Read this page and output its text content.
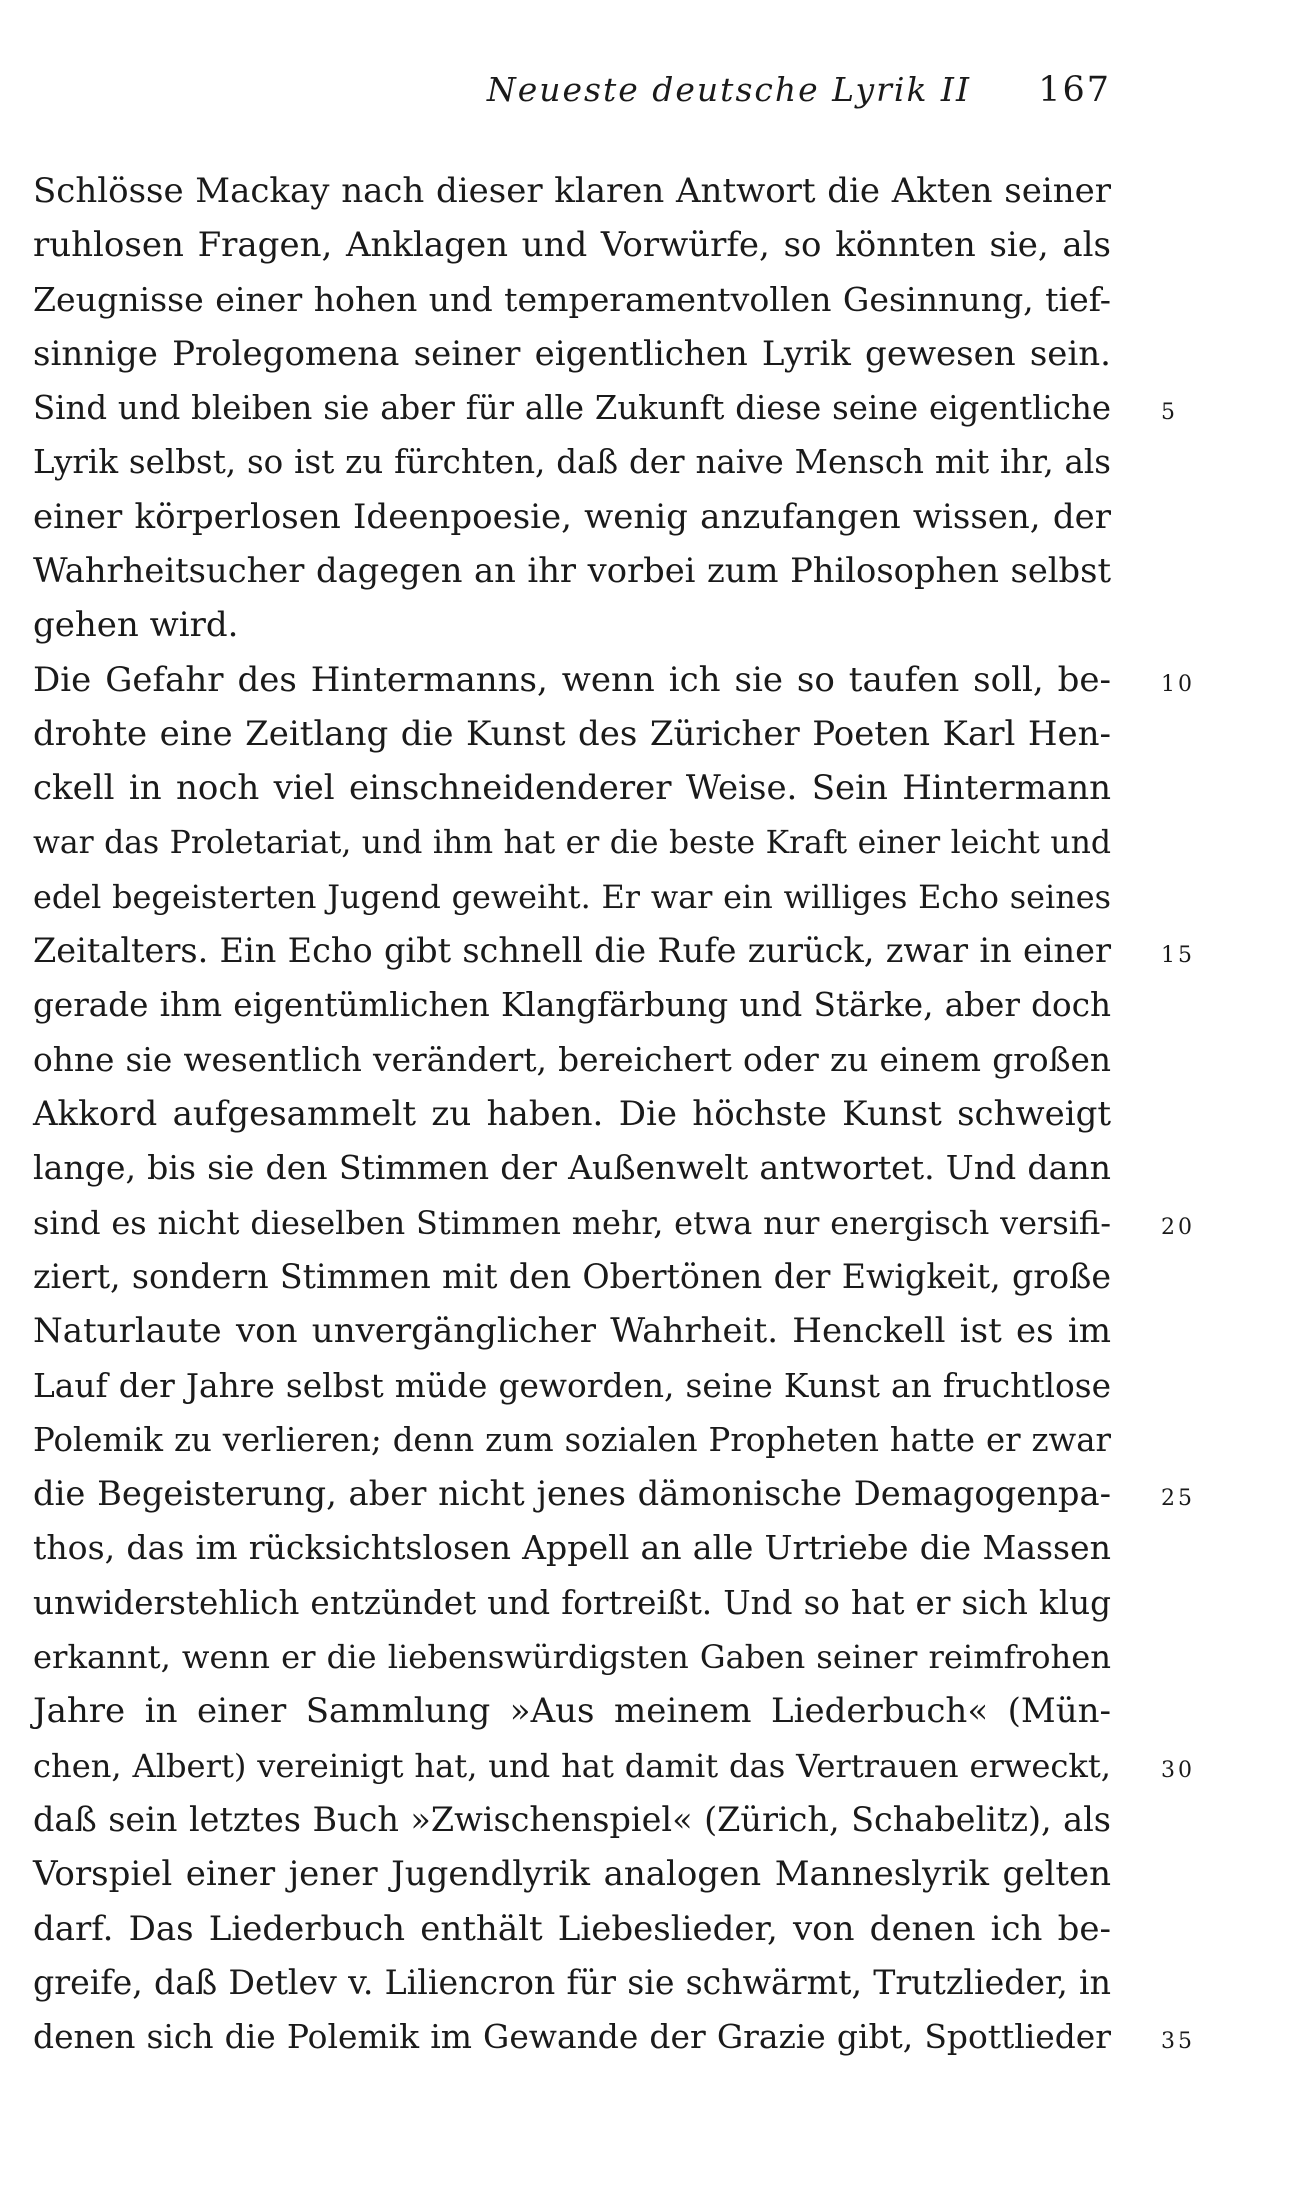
Neueste deutsche Lyrik II 167
Schlösse Mackay nach dieser klaren Antwort die Akten seiner
ruhlosen Fragen, Anklagen und Vorwürfe, so könnten sie, als
Zeugnisse einer hohen und temperamentvollen Gesinnung, tief-
sinnige Prolegomena seiner eigentlichen Lyrik gewesen sein.
Sind und bleiben sie aber für alle Zukunft diese seine eigentliche 5
Lyrik selbst, so ist zu fürchten, daß der naive Mensch mit ihr, als
einer körperlosen Ideenpoesie, wenig anzufangen wissen, der
Wahrheitsucher dagegen an ihr vorbei zum Philosophen selbst
gehen wird.
Die Gefahr des Hintermanns, wenn ich sie so taufen soll, be- 10
drohte eine Zeitlang die Kunst des Züricher Poeten Karl Hen-
ckell in noch viel einschneidenderer Weise. Sein Hintermann
war das Proletariat, und ihm hat er die beste Kraft einer leicht und
edel begeisterten Jugend geweiht. Er war ein williges Echo seines
Zeitalters. Ein Echo gibt schnell die Rufe zurück, zwar in einer 15
gerade ihm eigentümlichen Klangfärbung und Stärke, aber doch
ohne sie wesentlich verändert, bereichert oder zu einem großen
Akkord aufgesammelt zu haben. Die höchste Kunst schweigt
lange, bis sie den Stimmen der Außenwelt antwortet. Und dann
sind es nicht dieselben Stimmen mehr, etwa nur energisch versifi- 20
ziert, sondern Stimmen mit den Obertönen der Ewigkeit, große
Naturlaute von unvergänglicher Wahrheit. Henckell ist es im
Lauf der Jahre selbst müde geworden, seine Kunst an fruchtlose
Polemik zu verlieren; denn zum sozialen Propheten hatte er zwar
die Begeisterung, aber nicht jenes dämonische Demagogenpa- 25
thos, das im rücksichtslosen Appell an alle Urtriebe die Massen
unwiderstehlich entzündet und fortreißt. Und so hat er sich klug
erkannt, wenn er die liebenswürdigsten Gaben seiner reimfrohen
Jahre in einer Sammlung »Aus meinem Liederbuch« (Mün-
chen, Albert) vereinigt hat, und hat damit das Vertrauen erweckt, 30
daß sein letztes Buch »Zwischenspiel« (Zürich, Schabelitz), als
Vorspiel einer jener Jugendlyrik analogen Manneslyrik gelten
darf. Das Liederbuch enthält Liebeslieder, von denen ich be-
greife, daß Detlev v. Liliencron für sie schwärmt, Trutzlieder, in
denen sich die Polemik im Gewande der Grazie gibt, Spottlieder 35
